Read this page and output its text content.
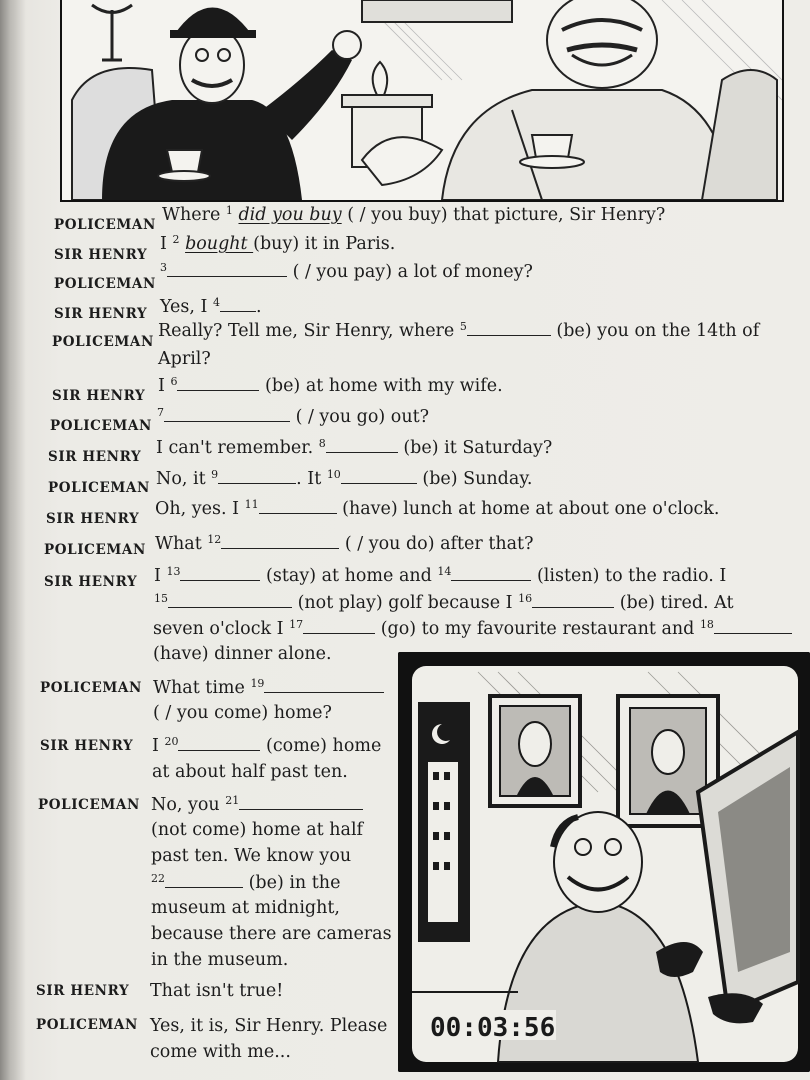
POLICEMAN Where $^1$ did you buy ( / you buy) that picture, Sir Henry?
SIR HENRY
I $^2$ bought (buy) it in Paris.
POLICEMAN
$^3$	( / you pay) a lot of money?
SIR HENRY Yes, I $^4$ .
POLICEMAN
Really? Tell me, Sir Henry, where $^5$	(be) you on the 14th of
April?
SIR HENRY I $^6$	(be) at home with my wife.
POLICEMAN
$^7$	( / you go) out?
SIR HENRY I can't remember. $^8$	(be) it Saturday?
POLICEMAN No, it $^9$	. It $^{10}$	(be) Sunday.
SIR HENRY Oh, yes. I $^{11}$	(have) lunch at home at about one o'clock.
POLICEMAN What $^{12}$	( / you do) after that?
SIR HENRY I $^{13}$	(stay) at home and $^{14}$	(listen) to the radio. I
$^{15}$	(not play) golf because I $^{16}$	(be) tired. At
seven o'clock I $^{17}$	(go) to my favourite restaurant and $^{18}$
(have) dinner alone.
POLICEMAN What time $^{19}$
( / you come) home?
SIR HENRY I $^{20}$	(come) home
at about half past ten.
POLICEMAN No, you $^{21}$
(not come) home at half
past ten. We know you
$^{22}$	(be) in the
museum at midnight,
because there are cameras
in the museum.
SIR HENRY That isn't true!
POLICEMAN Yes, it is, Sir Henry. Please
come with me...
00:03:56
